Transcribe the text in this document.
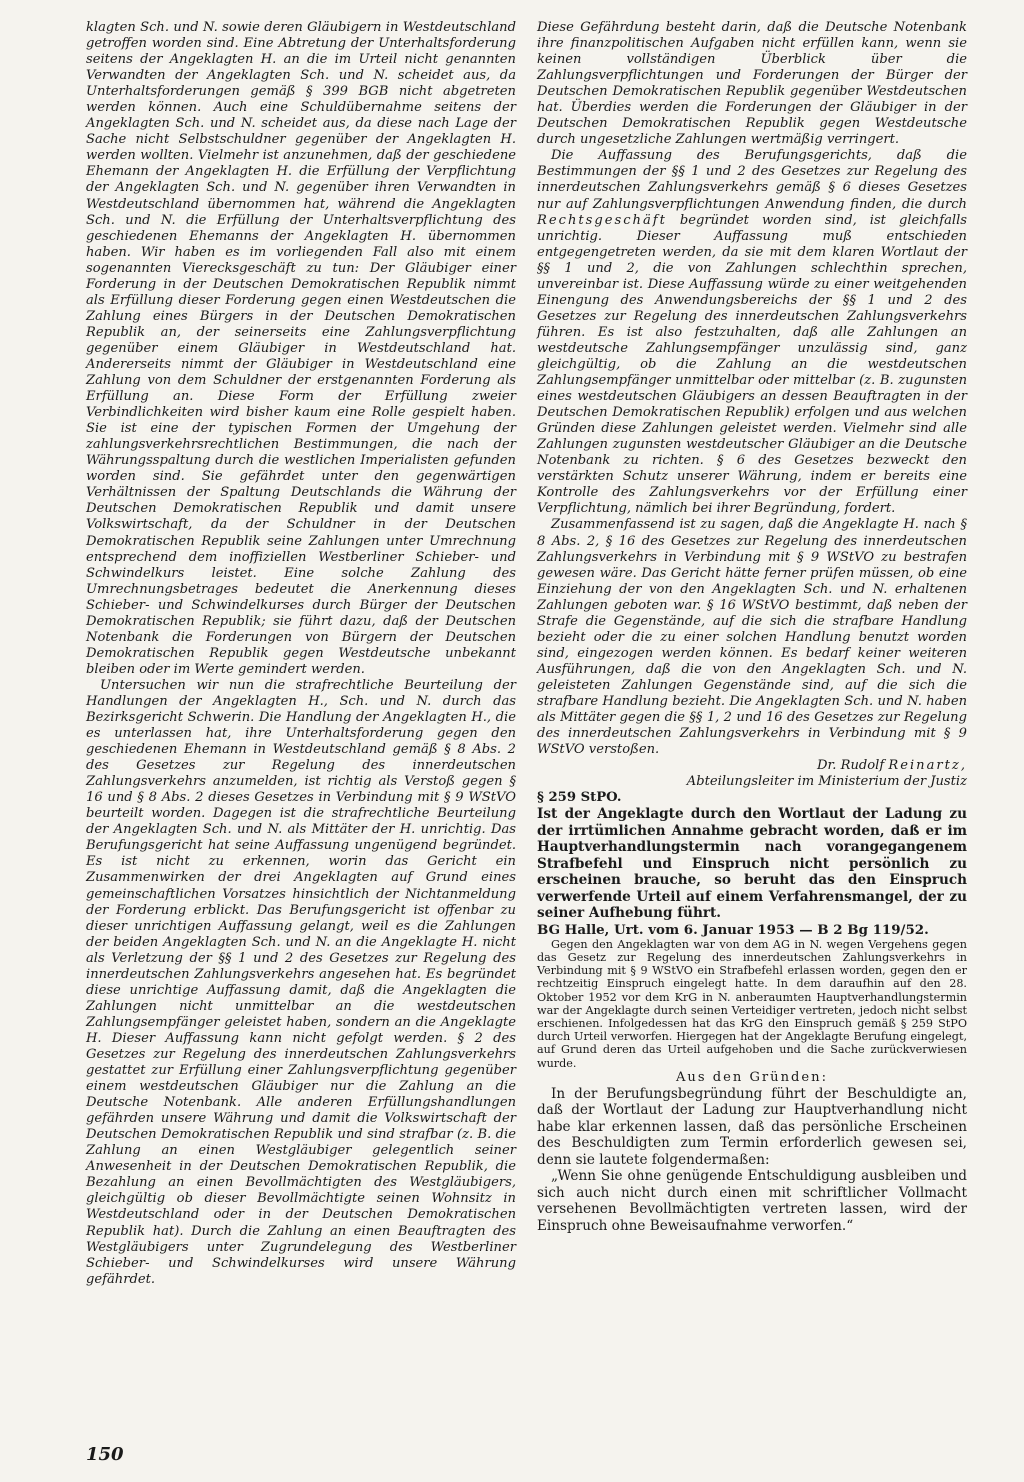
klagten Sch. und N. sowie deren Gläubigern in Westdeutschland getroffen worden sind. Eine Abtretung der Unterhaltsforderung seitens der Angeklagten H. an die im Urteil nicht genannten Verwandten der Angeklagten Sch. und N. scheidet aus, da Unterhaltsforderungen gemäß § 399 BGB nicht abgetreten werden können. Auch eine Schuldübernahme seitens der Angeklagten Sch. und N. scheidet aus, da diese nach Lage der Sache nicht Selbstschuldner gegenüber der Angeklagten H. werden wollten. Vielmehr ist anzunehmen, daß der geschiedene Ehemann der Angeklagten H. die Erfüllung der Verpflichtung der Angeklagten Sch. und N. gegenüber ihren Verwandten in Westdeutschland übernommen hat, während die Angeklagten Sch. und N. die Erfüllung der Unterhaltsverpflichtung des geschiedenen Ehemanns der Angeklagten H. übernommen haben. Wir haben es im vorliegenden Fall also mit einem sogenannten Vierecksgeschäft zu tun: Der Gläubiger einer Forderung in der Deutschen Demokratischen Republik nimmt als Erfüllung dieser Forderung gegen einen Westdeutschen die Zahlung eines Bürgers in der Deutschen Demokratischen Republik an, der seinerseits eine Zahlungsverpflichtung gegenüber einem Gläubiger in Westdeutschland hat. Andererseits nimmt der Gläubiger in Westdeutschland eine Zahlung von dem Schuldner der erstgenannten Forderung als Erfüllung an. Diese Form der Erfüllung zweier Verbindlichkeiten wird bisher kaum eine Rolle gespielt haben. Sie ist eine der typischen Formen der Umgehung der zahlungsverkehrsrechtlichen Bestimmungen, die nach der Währungsspaltung durch die westlichen Imperialisten gefunden worden sind. Sie gefährdet unter den gegenwärtigen Verhältnissen der Spaltung Deutschlands die Währung der Deutschen Demokratischen Republik und damit unsere Volkswirtschaft, da der Schuldner in der Deutschen Demokratischen Republik seine Zahlungen unter Umrechnung entsprechend dem inoffiziellen Westberliner Schieber- und Schwindelkurs leistet. Eine solche Zahlung des Umrechnungsbetrages bedeutet die Anerkennung dieses Schieber- und Schwindelkurses durch Bürger der Deutschen Demokratischen Republik; sie führt dazu, daß der Deutschen Notenbank die Forderungen von Bürgern der Deutschen Demokratischen Republik gegen Westdeutsche unbekannt bleiben oder im Werte gemindert werden.

Untersuchen wir nun die strafrechtliche Beurteilung der Handlungen der Angeklagten H., Sch. und N. durch das Bezirksgericht Schwerin. Die Handlung der Angeklagten H., die es unterlassen hat, ihre Unterhaltsforderung gegen den geschiedenen Ehemann in Westdeutschland gemäß § 8 Abs. 2 des Gesetzes zur Regelung des innerdeutschen Zahlungsverkehrs anzumelden, ist richtig als Verstoß gegen § 16 und § 8 Abs. 2 dieses Gesetzes in Verbindung mit § 9 WStVO beurteilt worden. Dagegen ist die strafrechtliche Beurteilung der Angeklagten Sch. und N. als Mittäter der H. unrichtig. Das Berufungsgericht hat seine Auffassung ungenügend begründet. Es ist nicht zu erkennen, worin das Gericht ein Zusammenwirken der drei Angeklagten auf Grund eines gemeinschaftlichen Vorsatzes hinsichtlich der Nichtanmeldung der Forderung erblickt. Das Berufungsgericht ist offenbar zu dieser unrichtigen Auffassung gelangt, weil es die Zahlungen der beiden Angeklagten Sch. und N. an die Angeklagte H. nicht als Verletzung der §§ 1 und 2 des Gesetzes zur Regelung des innerdeutschen Zahlungsverkehrs angesehen hat. Es begründet diese unrichtige Auffassung damit, daß die Angeklagten die Zahlungen nicht unmittelbar an die westdeutschen Zahlungsempfänger geleistet haben, sondern an die Angeklagte H. Dieser Auffassung kann nicht gefolgt werden. § 2 des Gesetzes zur Regelung des innerdeutschen Zahlungsverkehrs gestattet zur Erfüllung einer Zahlungsverpflichtung gegenüber einem westdeutschen Gläubiger nur die Zahlung an die Deutsche Notenbank. Alle anderen Erfüllungshandlungen gefährden unsere Währung und damit die Volkswirtschaft der Deutschen Demokratischen Republik und sind strafbar (z. B. die Zahlung an einen Westgläubiger gelegentlich seiner Anwesenheit in der Deutschen Demokratischen Republik, die Bezahlung an einen Bevollmächtigten des Westgläubigers, gleichgültig ob dieser Bevollmächtigte seinen Wohnsitz in Westdeutschland oder in der Deutschen Demokratischen Republik hat). Durch die Zahlung an einen Beauftragten des Westgläubigers unter Zugrundelegung des Westberliner Schieber- und Schwindelkurses wird unsere Währung gefährdet.

Diese Gefährdung besteht darin, daß die Deutsche Notenbank ihre finanzpolitischen Aufgaben nicht erfüllen kann, wenn sie keinen vollständigen Überblick über die Zahlungsverpflichtungen und Forderungen der Bürger der Deutschen Demokratischen Republik gegenüber Westdeutschen hat. Überdies werden die Forderungen der Gläubiger in der Deutschen Demokratischen Republik gegen Westdeutsche durch ungesetzliche Zahlungen wertmäßig verringert.

Die Auffassung des Berufungsgerichts, daß die Bestimmungen der §§ 1 und 2 des Gesetzes zur Regelung des innerdeutschen Zahlungsverkehrs gemäß § 6 dieses Gesetzes nur auf Zahlungsverpflichtungen Anwendung finden, die durch Rechtsgeschäft begründet worden sind, ist gleichfalls unrichtig. Dieser Auffassung muß entschieden entgegengetreten werden, da sie mit dem klaren Wortlaut der §§ 1 und 2, die von Zahlungen schlechthin sprechen, unvereinbar ist. Diese Auffassung würde zu einer weitgehenden Einengung des Anwendungsbereichs der §§ 1 und 2 des Gesetzes zur Regelung des innerdeutschen Zahlungsverkehrs führen. Es ist also festzuhalten, daß alle Zahlungen an westdeutsche Zahlungsempfänger unzulässig sind, ganz gleichgültig, ob die Zahlung an die westdeutschen Zahlungsempfänger unmittelbar oder mittelbar (z. B. zugunsten eines westdeutschen Gläubigers an dessen Beauftragten in der Deutschen Demokratischen Republik) erfolgen und aus welchen Gründen diese Zahlungen geleistet werden. Vielmehr sind alle Zahlungen zugunsten westdeutscher Gläubiger an die Deutsche Notenbank zu richten. § 6 des Gesetzes bezweckt den verstärkten Schutz unserer Währung, indem er bereits eine Kontrolle des Zahlungsverkehrs vor der Erfüllung einer Verpflichtung, nämlich bei ihrer Begründung, fordert.

Zusammenfassend ist zu sagen, daß die Angeklagte H. nach § 8 Abs. 2, § 16 des Gesetzes zur Regelung des innerdeutschen Zahlungsverkehrs in Verbindung mit § 9 WStVO zu bestrafen gewesen wäre. Das Gericht hätte ferner prüfen müssen, ob eine Einziehung der von den Angeklagten Sch. und N. erhaltenen Zahlungen geboten war. § 16 WStVO bestimmt, daß neben der Strafe die Gegenstände, auf die sich die strafbare Handlung bezieht oder die zu einer solchen Handlung benutzt worden sind, eingezogen werden können. Es bedarf keiner weiteren Ausführungen, daß die von den Angeklagten Sch. und N. geleisteten Zahlungen Gegenstände sind, auf die sich die strafbare Handlung bezieht. Die Angeklagten Sch. und N. haben als Mittäter gegen die §§ 1, 2 und 16 des Gesetzes zur Regelung des innerdeutschen Zahlungsverkehrs in Verbindung mit § 9 WStVO verstoßen.

Dr. Rudolf Reinartz,

Abteilungsleiter im Ministerium der Justiz

§ 259 StPO.

Ist der Angeklagte durch den Wortlaut der Ladung zu der irrtümlichen Annahme gebracht worden, daß er im Hauptverhandlungstermin nach vorangegangenem Strafbefehl und Einspruch nicht persönlich zu erscheinen brauche, so beruht das den Einspruch verwerfende Urteil auf einem Verfahrensmangel, der zu seiner Aufhebung führt.

BG Halle, Urt. vom 6. Januar 1953 — B 2 Bg 119/52.

Gegen den Angeklagten war von dem AG in N. wegen Vergehens gegen das Gesetz zur Regelung des innerdeutschen Zahlungsverkehrs in Verbindung mit § 9 WStVO ein Strafbefehl erlassen worden, gegen den er rechtzeitig Einspruch eingelegt hatte. In dem daraufhin auf den 28. Oktober 1952 vor dem KrG in N. anberaumten Hauptverhandlungstermin war der Angeklagte durch seinen Verteidiger vertreten, jedoch nicht selbst erschienen. Infolgedessen hat das KrG den Einspruch gemäß § 259 StPO durch Urteil verworfen. Hiergegen hat der Angeklagte Berufung eingelegt, auf Grund deren das Urteil aufgehoben und die Sache zurückverwiesen wurde.

Aus den Gründen:

In der Berufungsbegründung führt der Beschuldigte an, daß der Wortlaut der Ladung zur Hauptverhandlung nicht habe klar erkennen lassen, daß das persönliche Erscheinen des Beschuldigten zum Termin erforderlich gewesen sei, denn sie lautete folgendermaßen:

„Wenn Sie ohne genügende Entschuldigung ausbleiben und sich auch nicht durch einen mit schriftlicher Vollmacht versehenen Bevollmächtigten vertreten lassen, wird der Einspruch ohne Beweisaufnahme verworfen.“

150
